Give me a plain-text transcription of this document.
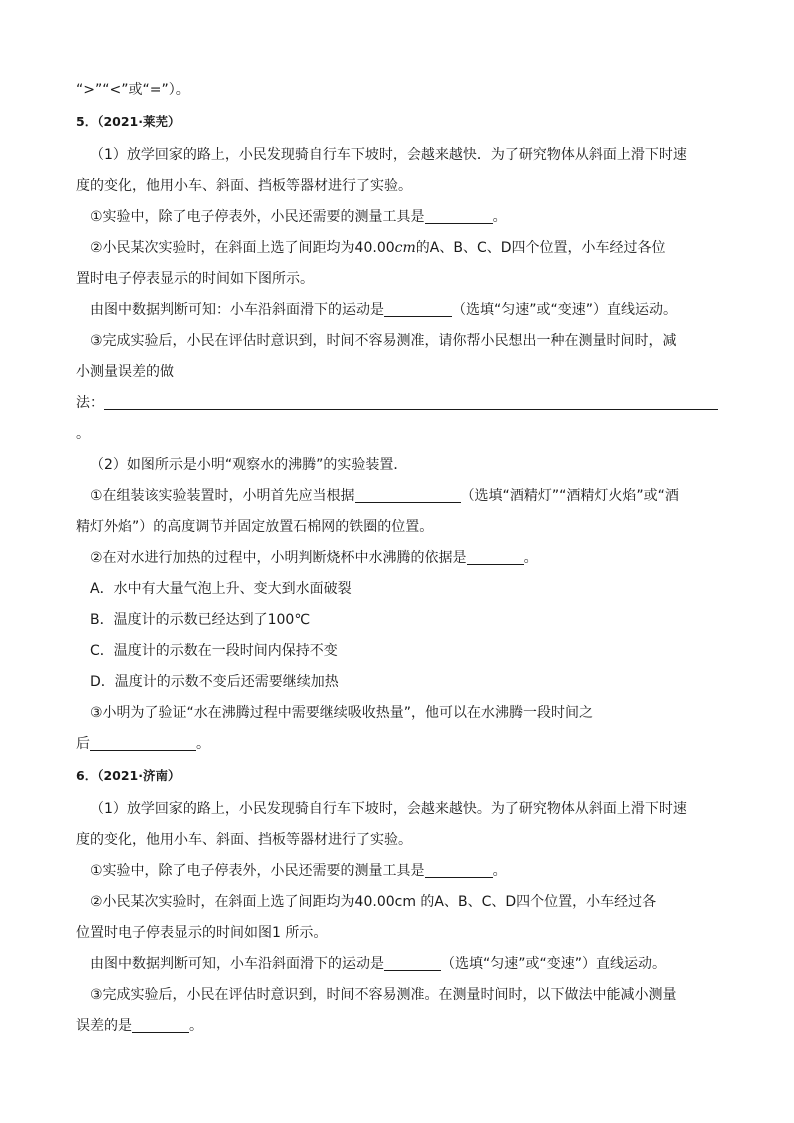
“>”“<”或“=”）。
5．（2021·莱芜）
（1）放学回家的路上，小民发现骑自行车下坡时，会越来越快．为了研究物体从斜面上滑下时速
度的变化，他用小车、斜面、挡板等器材进行了实验。
①实验中，除了电子停表外，小民还需要的测量工具是	。
②小民某次实验时，在斜面上选了间距均为40.00cm的A、B、C、D四个位置，小车经过各位
置时电子停表显示的时间如下图所示。
由图中数据判断可知：小车沿斜面滑下的运动是	（选填“匀速”或“变速”）直线运动。
③完成实验后，小民在评估时意识到，时间不容易测准，请你帮小民想出一种在测量时间时，减
小测量误差的做
法：
。
（2）如图所示是小明“观察水的沸腾”的实验装置．
①在组装该实验装置时，小明首先应当根据	（选填“酒精灯”“酒精灯火焰”或“酒
精灯外焰”）的高度调节并固定放置石棉网的铁圈的位置。
②在对水进行加热的过程中，小明判断烧杯中水沸腾的依据是	。
A．水中有大量气泡上升、变大到水面破裂
B．温度计的示数已经达到了100℃
C．温度计的示数在一段时间内保持不变
D．温度计的示数不变后还需要继续加热
③小明为了验证“水在沸腾过程中需要继续吸收热量”，他可以在水沸腾一段时间之
后	。
6．（2021·济南）
（1）放学回家的路上，小民发现骑自行车下坡时，会越来越快。为了研究物体从斜面上滑下时速
度的变化，他用小车、斜面、挡板等器材进行了实验。
①实验中，除了电子停表外，小民还需要的测量工具是	。
②小民某次实验时，在斜面上选了间距均为40.00cm 的A、B、C、D四个位置，小车经过各
位置时电子停表显示的时间如图1 所示。
由图中数据判断可知，小车沿斜面滑下的运动是	（选填“匀速”或“变速”）直线运动。
③完成实验后，小民在评估时意识到，时间不容易测准。在测量时间时，以下做法中能减小测量
误差的是	。
